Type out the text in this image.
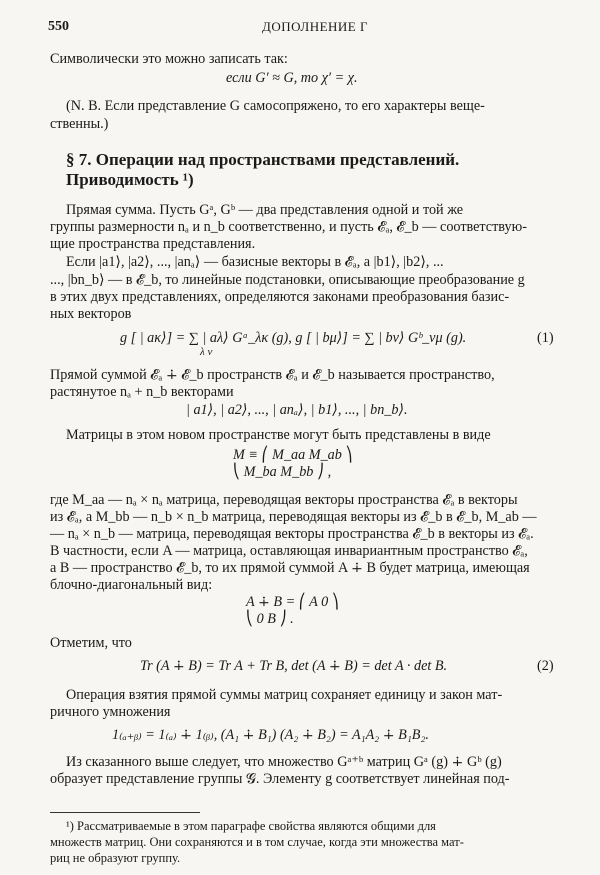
550	ДОПОЛНЕНИЕ Г
Символически это можно записать так:
если G′ ≈ G, то χ′ = χ.
(N. B. Если представление G самосопряжено, то его характеры веще-
ственны.)
§ 7. Операции над пространствами представлений.
Приводимость ¹)
Прямая сумма. Пусть Gᵃ, Gᵇ — два представления одной и той же
группы размерности nₐ и n_b соответственно, и пусть 𝓔ₐ, 𝓔_b — соответствую-
щие пространства представления.
Если |a1⟩, |a2⟩, ..., |anₐ⟩ — базисные векторы в 𝓔ₐ, а |b1⟩, |b2⟩, ...
..., |bn_b⟩ — в 𝓔_b, то линейные подстановки, описывающие преобразование g
в этих двух представлениях, определяются законами преобразования базис-
ных векторов
g [ | aκ⟩] = ∑ | aλ⟩ Gᵃ_λκ (g), g [ | bμ⟩] = ∑ | bν⟩ Gᵇ_νμ (g).
λ ν
(1)
Прямой суммой 𝓔ₐ ∔ 𝓔_b пространств 𝓔ₐ и 𝓔_b называется пространство,
растянутое nₐ + n_b векторами
| a1⟩, | a2⟩, ..., | anₐ⟩, | b1⟩, ..., | bn_b⟩.
Матрицы в этом новом пространстве могут быть представлены в виде
M ≡ ⎛ M_aa M_ab ⎞
⎝ M_ba M_bb ⎠ ,
где M_aa — nₐ × nₐ матрица, переводящая векторы пространства 𝓔ₐ в векторы
из 𝓔ₐ, а M_bb — n_b × n_b матрица, переводящая векторы из 𝓔_b в 𝓔_b, M_ab —
— nₐ × n_b — матрица, переводящая векторы пространства 𝓔_b в векторы из 𝓔ₐ.
В частности, если A — матрица, оставляющая инвариантным пространство 𝓔ₐ,
а B — пространство 𝓔_b, то их прямой суммой A ∔ B будет матрица, имеющая
блочно-диагональный вид:
A ∔ B = ⎛ A 0 ⎞
⎝ 0 B ⎠ .
Отметим, что
Tr (A ∔ B) = Tr A + Tr B, det (A ∔ B) = det A · det B.	(2)
Операция взятия прямой суммы матриц сохраняет единицу и закон мат-
ричного умножения
1₍ₐ₊ᵦ₎ = 1₍ₐ₎ ∔ 1₍ᵦ₎, (A₁ ∔ B₁) (A₂ ∔ B₂) = A₁A₂ ∔ B₁B₂.
Из сказанного выше следует, что множество Gᵃ⁺ᵇ матриц Gᵃ (g) ∔ Gᵇ (g)
образует представление группы 𝓖. Элементу g соответствует линейная под-
¹) Рассматриваемые в этом параграфе свойства являются общими для
множеств матриц. Они сохраняются и в том случае, когда эти множества мат-
риц не образуют группу.
